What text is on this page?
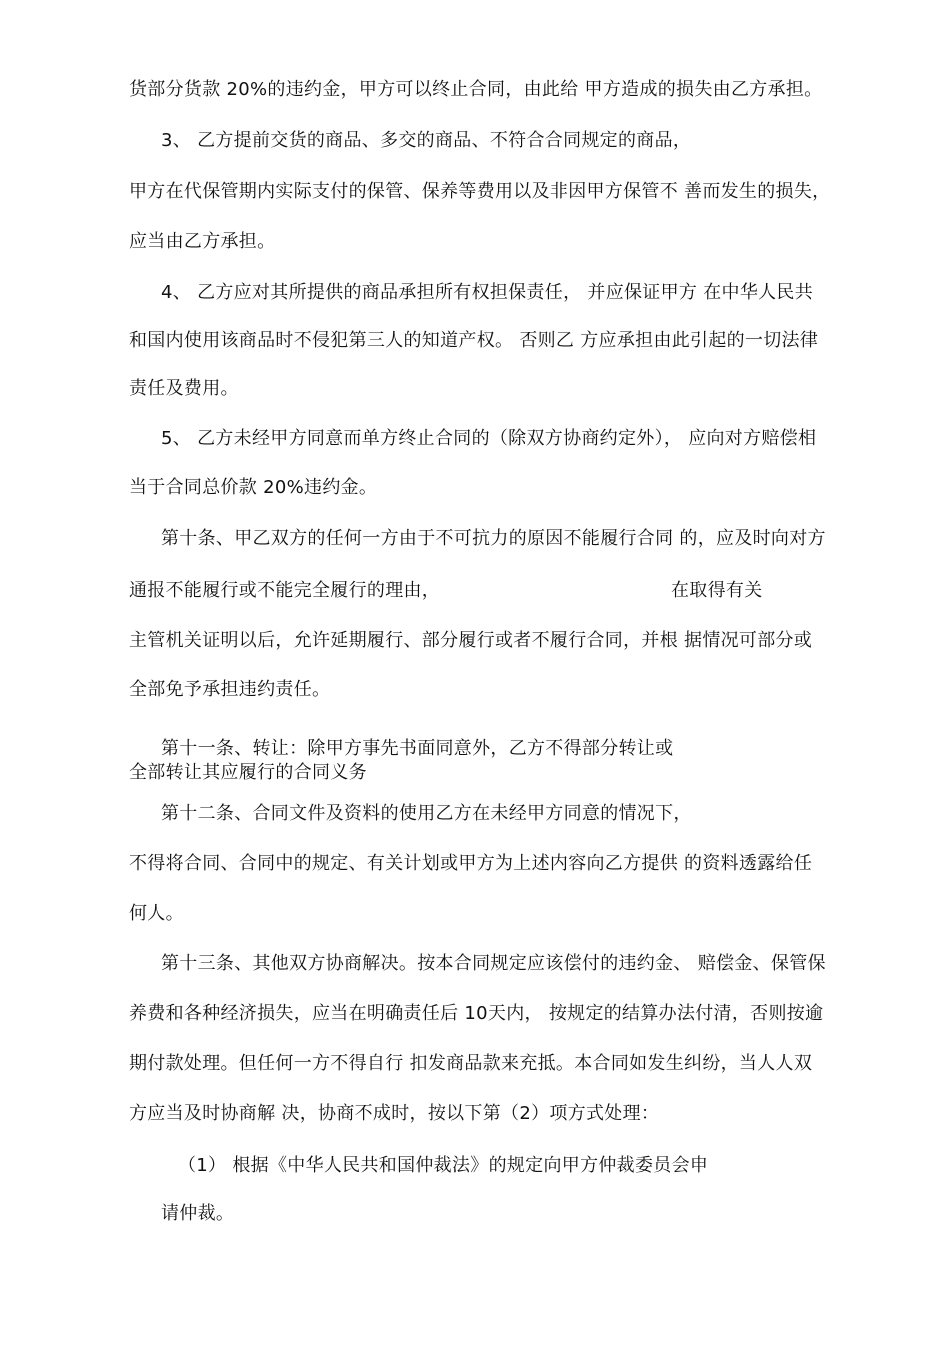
货部分货款 20%的违约金，甲方可以终止合同，由此给 甲方造成的损失由乙方承担。
3、 乙方提前交货的商品、多交的商品、不符合合同规定的商品，
甲方在代保管期内实际支付的保管、保养等费用以及非因甲方保管不 善而发生的损失，
应当由乙方承担。
4、 乙方应对其所提供的商品承担所有权担保责任， 并应保证甲方 在中华人民共
和国内使用该商品时不侵犯第三人的知道产权。 否则乙 方应承担由此引起的一切法律
责任及费用。
5、 乙方未经甲方同意而单方终止合同的（除双方协商约定外）， 应向对方赔偿相
当于合同总价款 20%违约金。
第十条、甲乙双方的任何一方由于不可抗力的原因不能履行合同 的，应及时向对方
通报不能履行或不能完全履行的理由，	在取得有关
主管机关证明以后，允许延期履行、部分履行或者不履行合同，并根 据情况可部分或
全部免予承担违约责任。
第十一条、转让：除甲方事先书面同意外，乙方不得部分转让或
全部转让其应履行的合同义务
第十二条、合同文件及资料的使用乙方在未经甲方同意的情况下，
不得将合同、合同中的规定、有关计划或甲方为上述内容向乙方提供 的资料透露给任
何人。
第十三条、其他双方协商解决。按本合同规定应该偿付的违约金、 赔偿金、保管保
养费和各种经济损失，应当在明确责任后 10天内， 按规定的结算办法付清，否则按逾
期付款处理。但任何一方不得自行 扣发商品款来充抵。本合同如发生纠纷，当人人双
方应当及时协商解 决，协商不成时，按以下第（2）项方式处理：
（1） 根据《中华人民共和国仲裁法》的规定向甲方仲裁委员会申
请仲裁。
